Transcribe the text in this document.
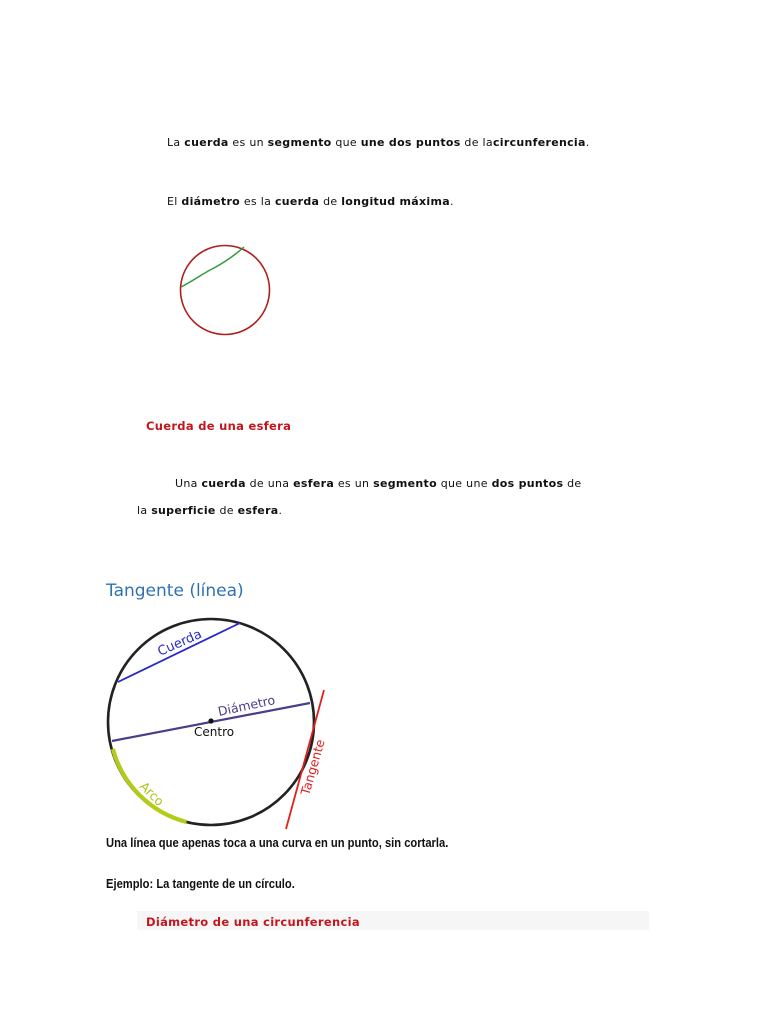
La cuerda es un segmento que une dos puntos de lacircunferencia.
El diámetro es la cuerda de longitud máxima.
Cuerda de una esfera
Una cuerda de una esfera es un segmento que une dos puntos de
la superficie de esfera.
Tangente (línea)
Cuerda
Diámetro
Centro
Tangente
Arco
Una línea que apenas toca a una curva en un punto, sin cortarla.
Ejemplo: La tangente de un círculo.
Diámetro de una circunferencia
